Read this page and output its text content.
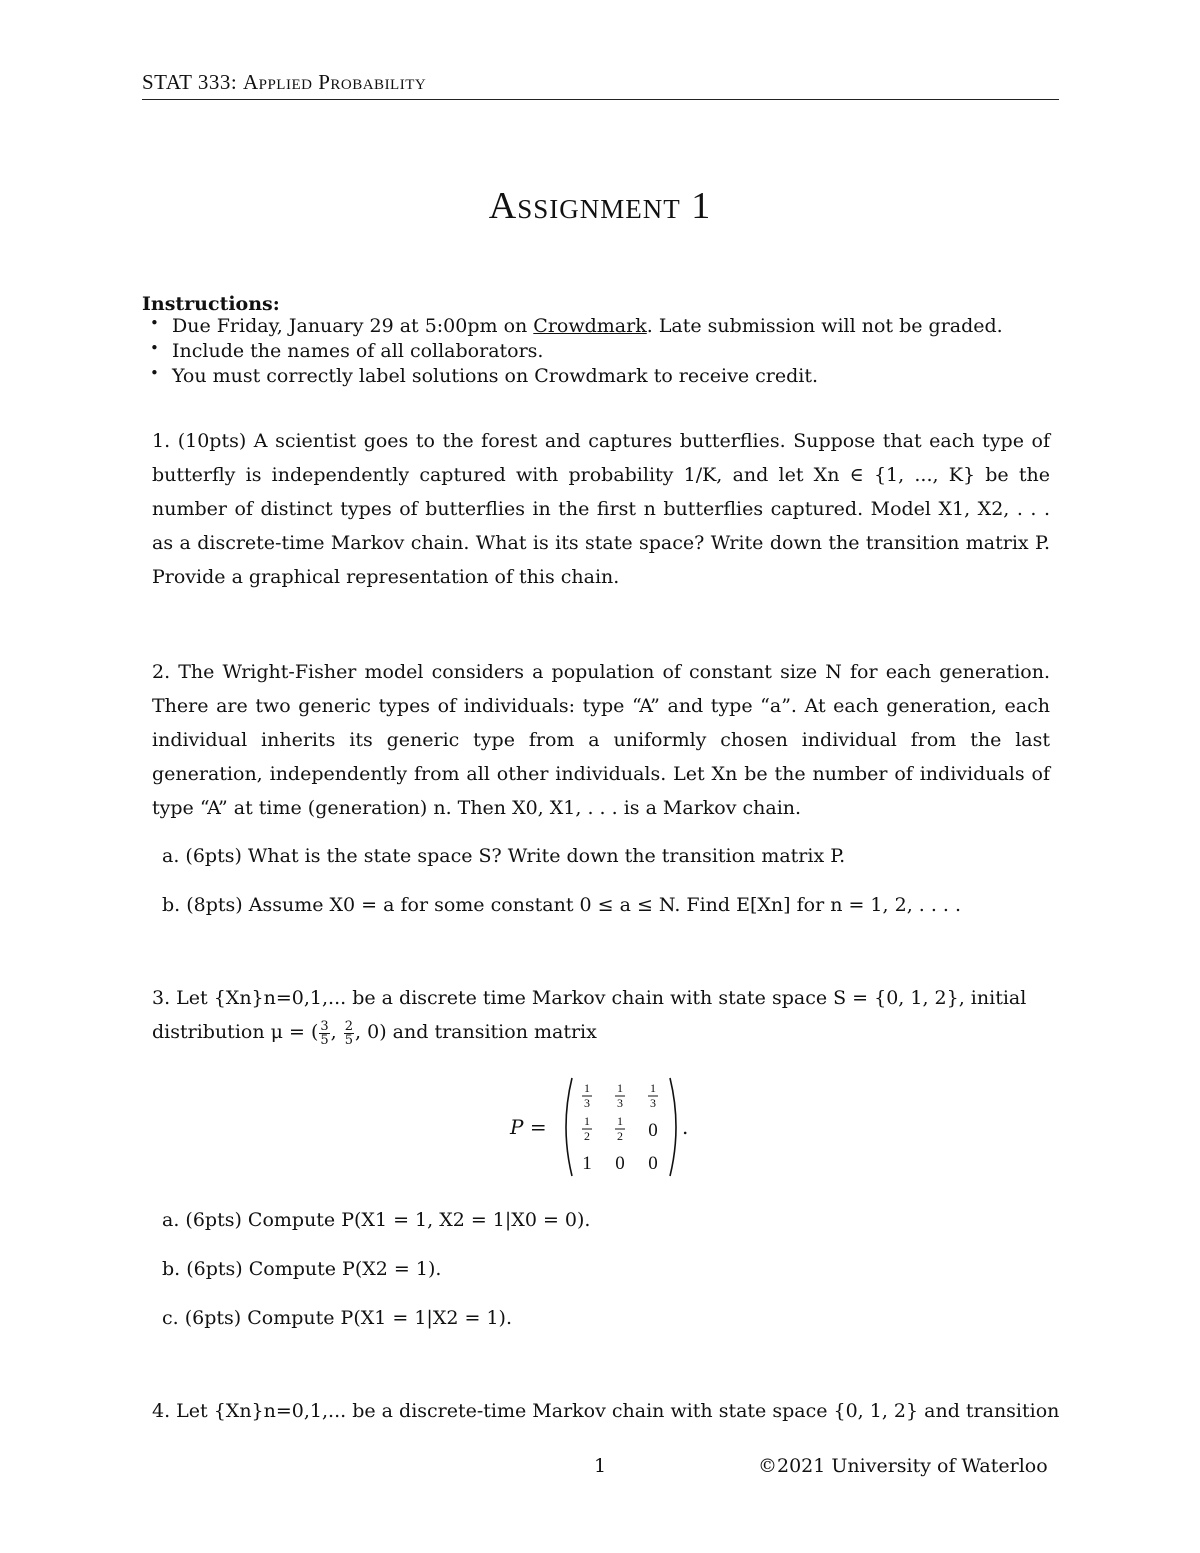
STAT 333: Applied Probability
Assignment 1
Instructions:
• Due Friday, January 29 at 5:00pm on Crowdmark. Late submission will not be graded.
• Include the names of all collaborators.
• You must correctly label solutions on Crowdmark to receive credit.
1. (10pts) A scientist goes to the forest and captures butterflies. Suppose that each type of butterfly is independently captured with probability 1/K, and let Xn ∈ {1, ..., K} be the number of distinct types of butterflies in the first n butterflies captured. Model X1, X2, . . . as a discrete-time Markov chain. What is its state space? Write down the transition matrix P. Provide a graphical representation of this chain.
2. The Wright-Fisher model considers a population of constant size N for each generation. There are two generic types of individuals: type “A” and type “a”. At each generation, each individual inherits its generic type from a uniformly chosen individual from the last generation, independently from all other individuals. Let Xn be the number of individuals of type “A” at time (generation) n. Then X0, X1, . . . is a Markov chain.
a. (6pts) What is the state space S? Write down the transition matrix P.
b. (8pts) Assume X0 = a for some constant 0 ≤ a ≤ N. Find E[Xn] for n = 1, 2, . . . .
3. Let {Xn}n=0,1,... be a discrete time Markov chain with state space S = {0, 1, 2}, initial
distribution μ = ( $\frac{3}{5}$ , $\frac{2}{5}$ , 0) and transition matrix
P =
1
3
1
3
1
3
1
2
1
2 0
1 0 0
.
a. (6pts) Compute P(X1 = 1, X2 = 1|X0 = 0).
b. (6pts) Compute P(X2 = 1).
c. (6pts) Compute P(X1 = 1|X2 = 1).
4. Let {Xn}n=0,1,... be a discrete-time Markov chain with state space {0, 1, 2} and transition
1	©2021 University of Waterloo
